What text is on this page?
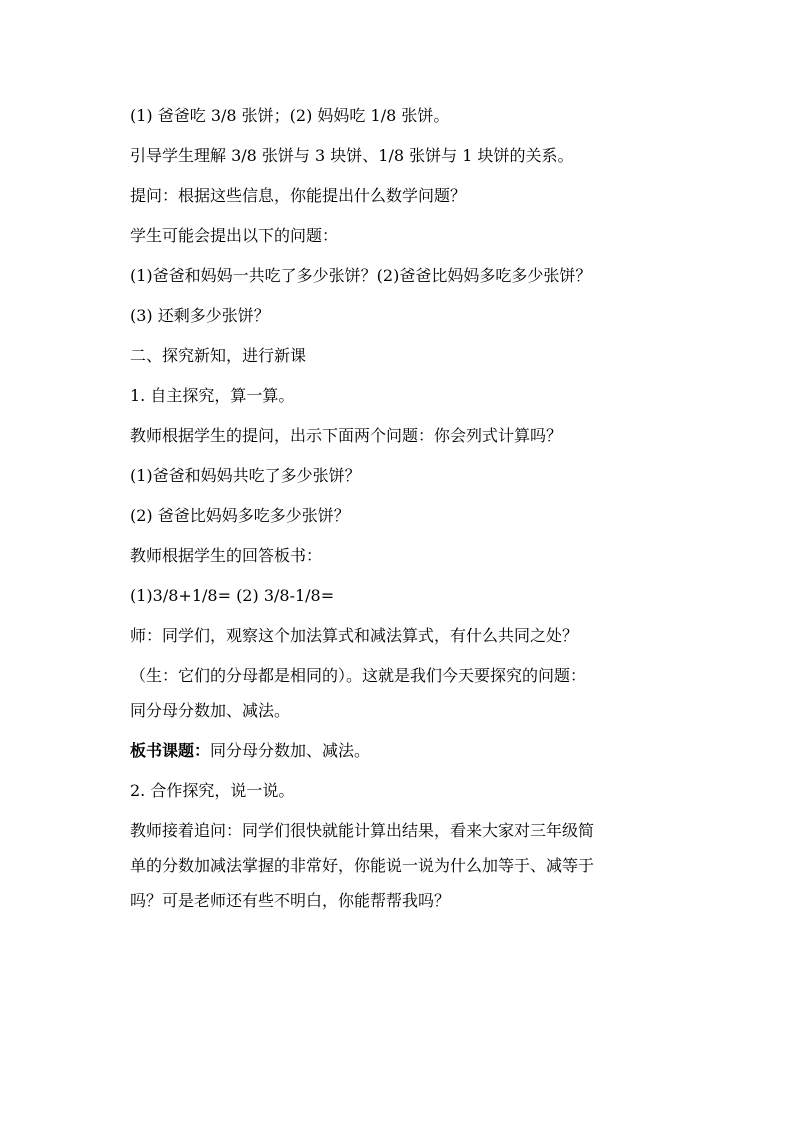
(1) 爸爸吃 3/8 张饼；(2) 妈妈吃 1/8 张饼。
引导学生理解 3/8 张饼与 3 块饼、1/8 张饼与 1 块饼的关系。
提问：根据这些信息，你能提出什么数学问题？
学生可能会提出以下的问题：
(1)爸爸和妈妈一共吃了多少张饼？(2)爸爸比妈妈多吃多少张饼？
(3) 还剩多少张饼？
二、探究新知，进行新课
1. 自主探究，算一算。
教师根据学生的提问，出示下面两个问题：你会列式计算吗？
(1)爸爸和妈妈共吃了多少张饼？
(2) 爸爸比妈妈多吃多少张饼？
教师根据学生的回答板书：
(1)3/8+1/8= (2) 3/8-1/8=
师：同学们，观察这个加法算式和减法算式，有什么共同之处？
（生：它们的分母都是相同的）。这就是我们今天要探究的问题：
同分母分数加、减法。
板书课题：同分母分数加、减法。
2. 合作探究，说一说。
教师接着追问：同学们很快就能计算出结果，看来大家对三年级简
单的分数加减法掌握的非常好，你能说一说为什么加等于、减等于
吗？可是老师还有些不明白，你能帮帮我吗？
